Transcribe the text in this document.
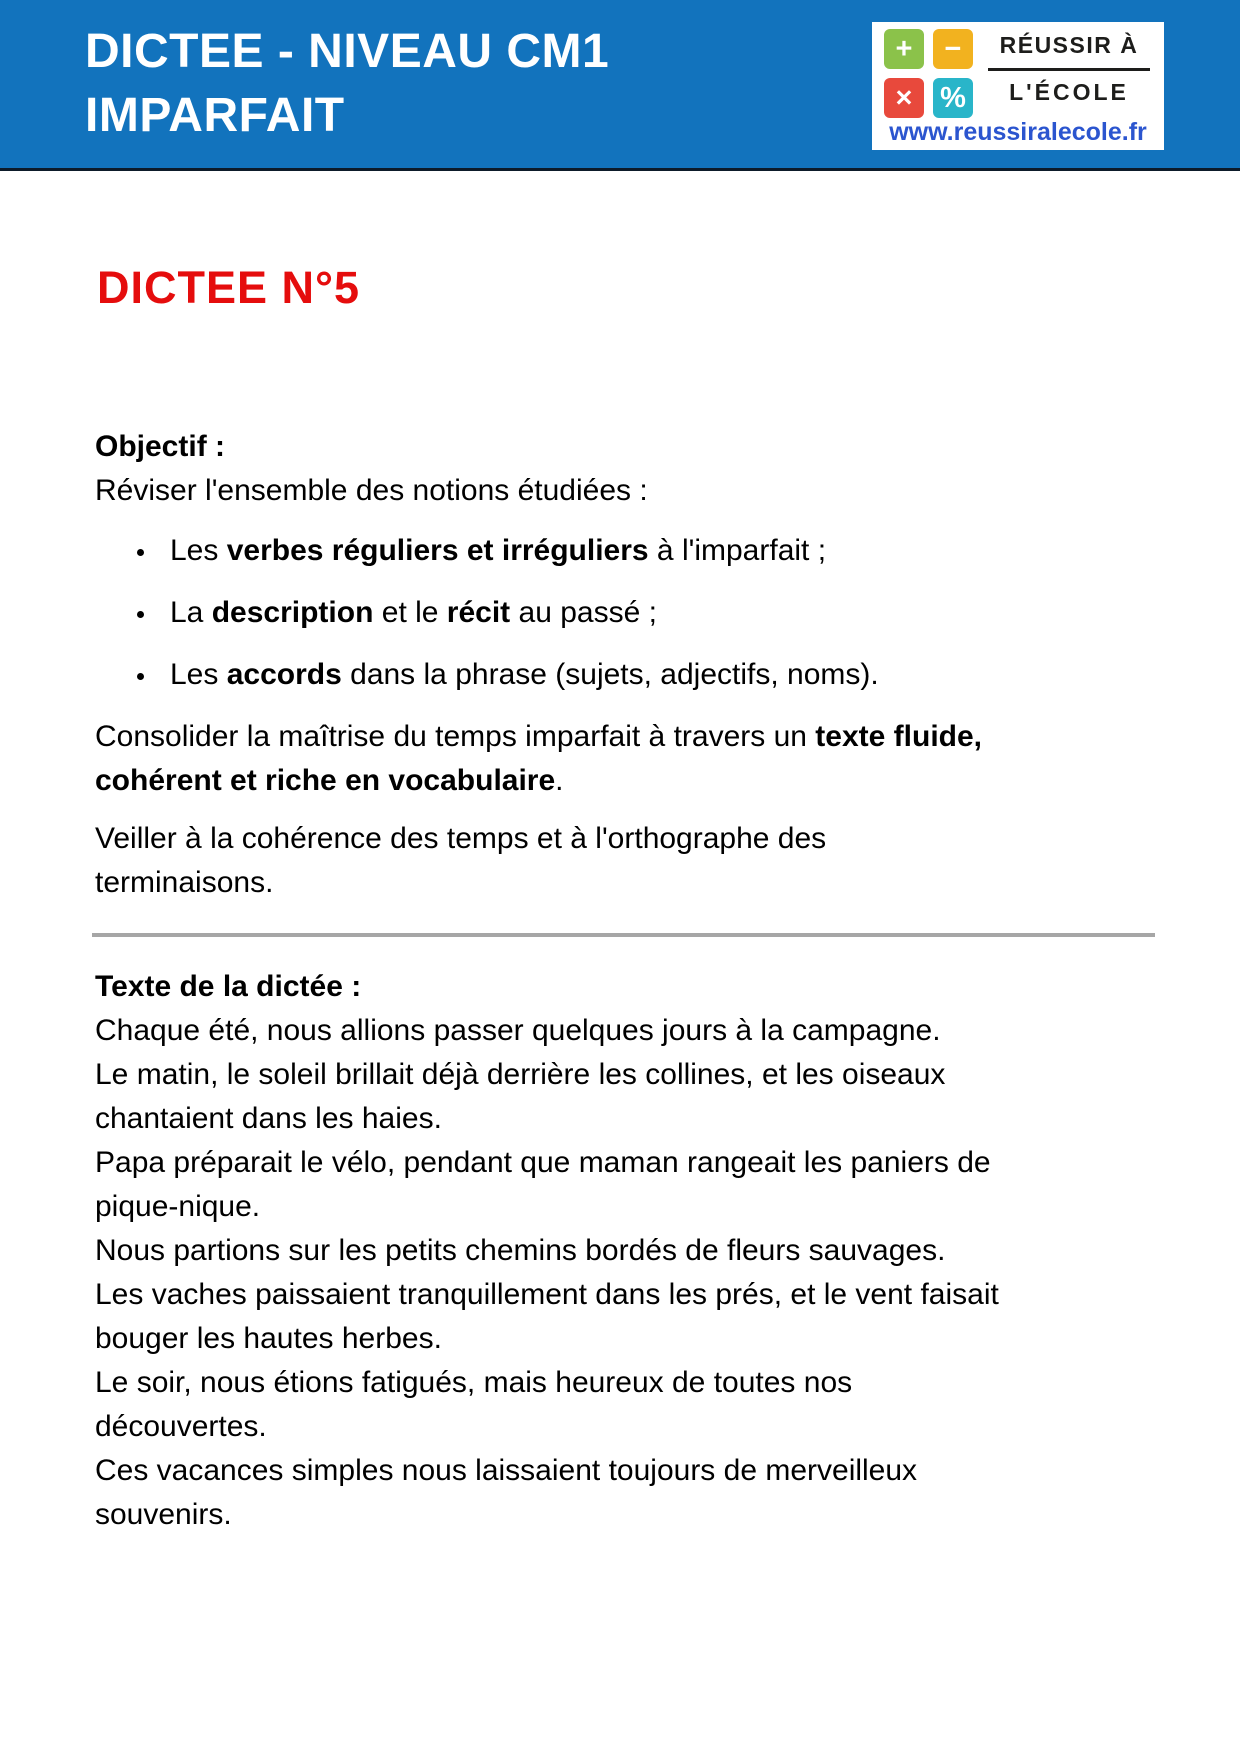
DICTEE - NIVEAU CM1
IMPARFAIT
+	−
× %
RÉUSSIR À
L'ÉCOLE
www.reussiralecole.fr
DICTEE N°5
Objectif :
Réviser l'ensemble des notions étudiées :
Les verbes réguliers et irréguliers à l'imparfait ;
La description et le récit au passé ;
Les accords dans la phrase (sujets, adjectifs, noms).
Consolider la maîtrise du temps imparfait à travers un texte fluide,
cohérent et riche en vocabulaire.
Veiller à la cohérence des temps et à l'orthographe des
terminaisons.
Texte de la dictée :
Chaque été, nous allions passer quelques jours à la campagne.
Le matin, le soleil brillait déjà derrière les collines, et les oiseaux
chantaient dans les haies.
Papa préparait le vélo, pendant que maman rangeait les paniers de
pique-nique.
Nous partions sur les petits chemins bordés de fleurs sauvages.
Les vaches paissaient tranquillement dans les prés, et le vent faisait
bouger les hautes herbes.
Le soir, nous étions fatigués, mais heureux de toutes nos
découvertes.
Ces vacances simples nous laissaient toujours de merveilleux
souvenirs.
